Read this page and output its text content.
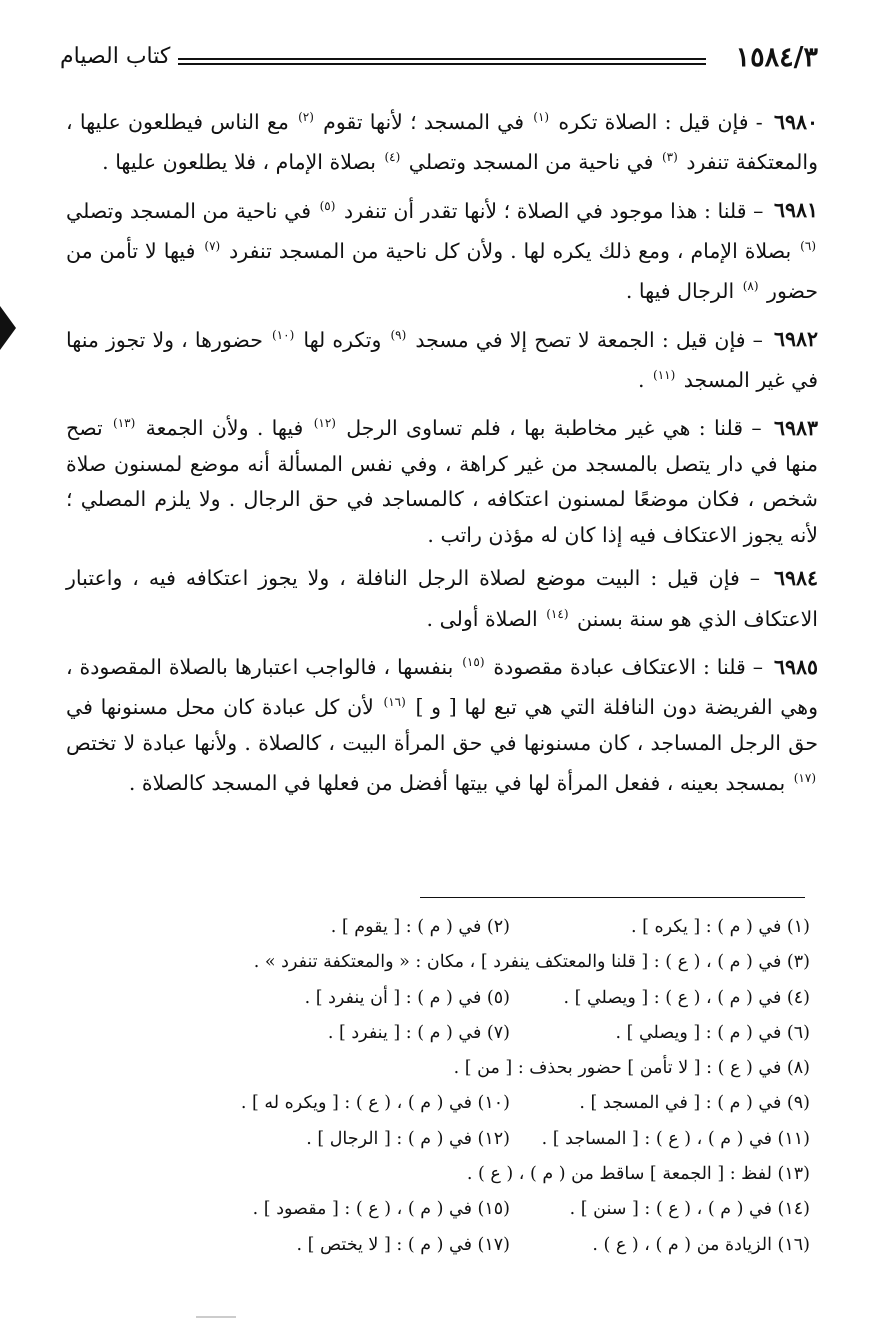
١٥٨٤/٣
كتاب الصيام

٦٩٨٠ - فإن قيل : الصلاة تكره $^{(١)}$ في المسجد ؛ لأنها تقوم $^{(٢)}$ مع الناس فيطلعون عليها ، والمعتكفة تنفرد $^{(٣)}$ في ناحية من المسجد وتصلي $^{(٤)}$ بصلاة الإمام ، فلا يطلعون عليها .

٦٩٨١ – قلنا : هذا موجود في الصلاة ؛ لأنها تقدر أن تنفرد $^{(٥)}$ في ناحية من المسجد وتصلي $^{(٦)}$ بصلاة الإمام ، ومع ذلك يكره لها . ولأن كل ناحية من المسجد تنفرد $^{(٧)}$ فيها لا تأمن من حضور $^{(٨)}$ الرجال فيها .

٦٩٨٢ – فإن قيل : الجمعة لا تصح إلا في مسجد $^{(٩)}$ وتكره لها $^{(١٠)}$ حضورها ، ولا تجوز منها في غير المسجد $^{(١١)}$ .

٦٩٨٣ – قلنا : هي غير مخاطبة بها ، فلم تساوى الرجل $^{(١٢)}$ فيها . ولأن الجمعة $^{(١٣)}$ تصح منها في دار يتصل بالمسجد من غير كراهة ، وفي نفس المسألة أنه موضع لمسنون صلاة شخص ، فكان موضعًا لمسنون اعتكافه ، كالمساجد في حق الرجال . ولا يلزم المصلي ؛ لأنه يجوز الاعتكاف فيه إذا كان له مؤذن راتب .

٦٩٨٤ – فإن قيل : البيت موضع لصلاة الرجل النافلة ، ولا يجوز اعتكافه فيه ، واعتبار الاعتكاف الذي هو سنة بسنن $^{(١٤)}$ الصلاة أولى .

٦٩٨٥ – قلنا : الاعتكاف عبادة مقصودة $^{(١٥)}$ بنفسها ، فالواجب اعتبارها بالصلاة المقصودة ، وهي الفريضة دون النافلة التي هي تبع لها [ و ] $^{(١٦)}$ لأن كل عبادة كان محل مسنونها في حق الرجل المساجد ، كان مسنونها في حق المرأة البيت ، كالصلاة . ولأنها عبادة لا تختص $^{(١٧)}$ بمسجد بعينه ، ففعل المرأة لها في بيتها أفضل من فعلها في المسجد كالصلاة .

(١) في ( م ) : [ يكره ] .
(٢) في ( م ) : [ يقوم ] .
(٣) في ( م ) ، ( ع ) : [ قلنا والمعتكف ينفرد ] ، مكان : « والمعتكفة تنفرد » .
(٤) في ( م ) ، ( ع ) : [ ويصلي ] .
(٥) في ( م ) : [ أن ينفرد ] .
(٦) في ( م ) : [ ويصلي ] .
(٧) في ( م ) : [ ينفرد ] .
(٨) في ( ع ) : [ لا تأمن ] حضور بحذف : [ من ] .
(٩) في ( م ) : [ في المسجد ] .
(١٠) في ( م ) ، ( ع ) : [ ويكره له ] .
(١١) في ( م ) ، ( ع ) : [ المساجد ] .
(١٢) في ( م ) : [ الرجال ] .
(١٣) لفظ : [ الجمعة ] ساقط من ( م ) ، ( ع ) .
(١٤) في ( م ) ، ( ع ) : [ سنن ] .
(١٥) في ( م ) ، ( ع ) : [ مقصود ] .
(١٦) الزيادة من ( م ) ، ( ع ) .
(١٧) في ( م ) : [ لا يختص ] .
